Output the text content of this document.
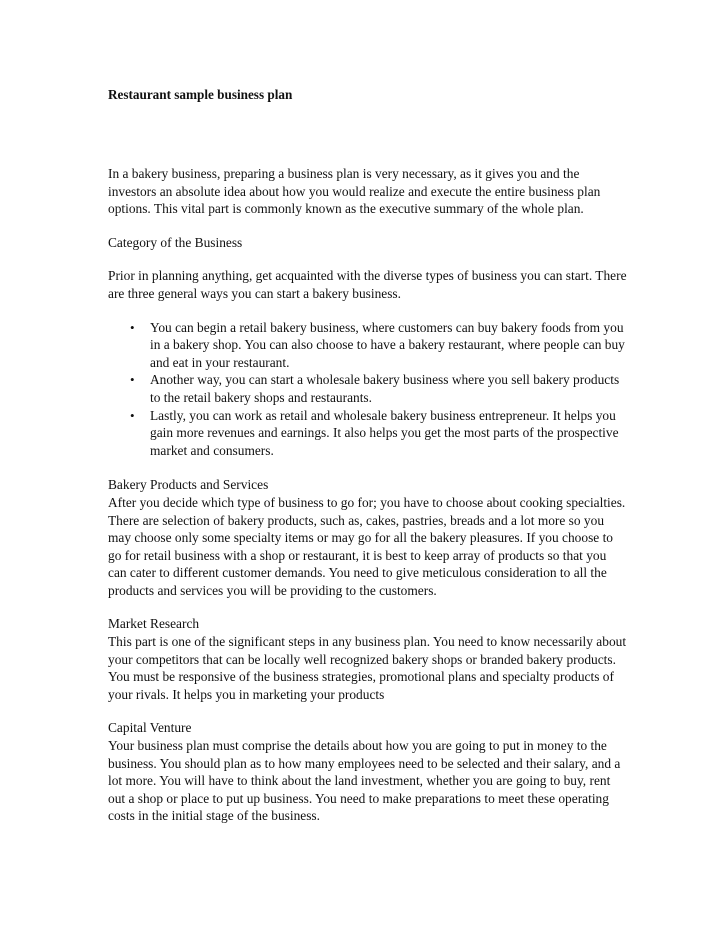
Restaurant sample business plan

In a bakery business, preparing a business plan is very necessary, as it gives you and the investors an absolute idea about how you would realize and execute the entire business plan options. This vital part is commonly known as the executive summary of the whole plan.

Category of the Business

Prior in planning anything, get acquainted with the diverse types of business you can start. There are three general ways you can start a bakery business.

• You can begin a retail bakery business, where customers can buy bakery foods from you in a bakery shop. You can also choose to have a bakery restaurant, where people can buy and eat in your restaurant.
• Another way, you can start a wholesale bakery business where you sell bakery products to the retail bakery shops and restaurants.
• Lastly, you can work as retail and wholesale bakery business entrepreneur. It helps you gain more revenues and earnings. It also helps you get the most parts of the prospective market and consumers.

Bakery Products and Services

After you decide which type of business to go for; you have to choose about cooking specialties. There are selection of bakery products, such as, cakes, pastries, breads and a lot more so you may choose only some specialty items or may go for all the bakery pleasures. If you choose to go for retail business with a shop or restaurant, it is best to keep array of products so that you can cater to different customer demands. You need to give meticulous consideration to all the products and services you will be providing to the customers.

Market Research

This part is one of the significant steps in any business plan. You need to know necessarily about your competitors that can be locally well recognized bakery shops or branded bakery products. You must be responsive of the business strategies, promotional plans and specialty products of your rivals. It helps you in marketing your products

Capital Venture

Your business plan must comprise the details about how you are going to put in money to the business. You should plan as to how many employees need to be selected and their salary, and a lot more. You will have to think about the land investment, whether you are going to buy, rent out a shop or place to put up business. You need to make preparations to meet these operating costs in the initial stage of the business.
